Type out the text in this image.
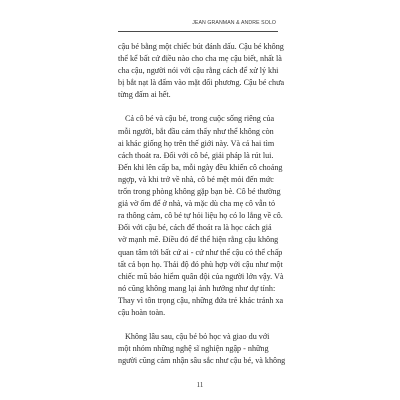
JEAN GRANMAN & ANDRE SOLO

cậu bé bằng một chiếc bút đánh dấu. Cậu bé không
thể kể bất cứ điều nào cho cha mẹ cậu biết, nhất là
cha cậu, người nói với cậu rằng cách để xử lý khi
bị bắt nạt là đấm vào mặt đối phương. Cậu bé chưa
từng đấm ai hết.

Cả cô bé và cậu bé, trong cuộc sống riêng của
mỗi người, bắt đầu cảm thấy như thể không còn
ai khác giống họ trên thế giới này. Và cả hai tìm
cách thoát ra. Đối với cô bé, giải pháp là rút lui.
Đến khi lên cấp ba, mỗi ngày đều khiến cô choáng
ngợp, và khi trở về nhà, cô bé mệt mỏi đến mức
trốn trong phòng không gặp bạn bè. Cô bé thường
giả vờ ốm để ở nhà, và mặc dù cha mẹ cô vẫn tỏ
ra thông cảm, cô bé tự hỏi liệu họ có lo lắng về cô.
Đối với cậu bé, cách để thoát ra là học cách giả
vờ mạnh mẽ. Điều đó để thể hiện rằng cậu không
quan tâm tới bất cứ ai - cứ như thể cậu có thể chấp
tất cả bọn họ. Thái độ đó phù hợp với cậu như một
chiếc mũ bảo hiểm quân đội của người lớn vậy. Và
nó cũng không mang lại ảnh hưởng như dự tính:
Thay vì tôn trọng cậu, những đứa trẻ khác tránh xa
cậu hoàn toàn.

Không lâu sau, cậu bé bỏ học và giao du với
một nhóm những nghệ sĩ nghiện ngập - những
người cũng cảm nhận sâu sắc như cậu bé, và không

11
